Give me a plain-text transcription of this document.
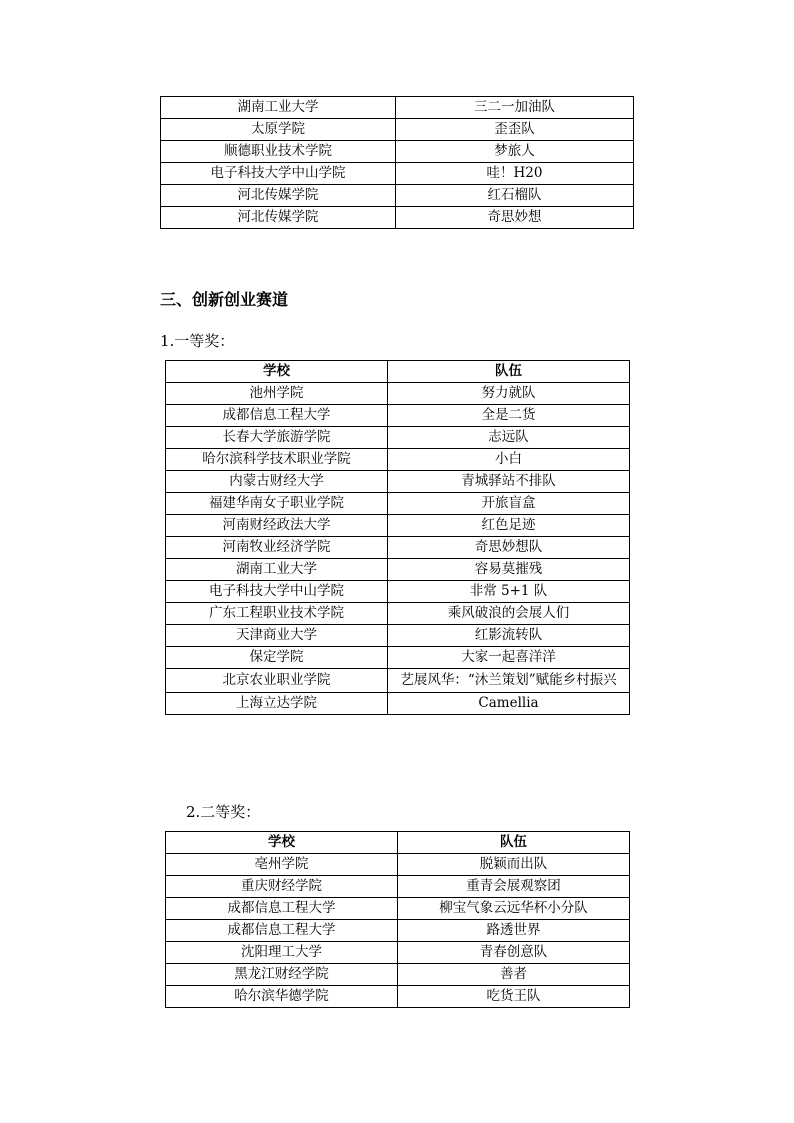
湖南工业大学	三二一加油队
太原学院	歪歪队
顺德职业技术学院	梦旅人
电子科技大学中山学院	哇！H20
河北传媒学院	红石榴队
河北传媒学院	奇思妙想
三、创新创业赛道
1.一等奖：
学校	队伍
池州学院	努力就队
成都信息工程大学	全是二货
长春大学旅游学院	志远队
哈尔滨科学技术职业学院	小白
内蒙古财经大学	青城驿站不排队
福建华南女子职业学院	开旅盲盒
河南财经政法大学	红色足迹
河南牧业经济学院	奇思妙想队
湖南工业大学	容易莫摧残
电子科技大学中山学院	非常 5+1 队
广东工程职业技术学院	乘风破浪的会展人们
天津商业大学	红影流转队
保定学院	大家一起喜洋洋
北京农业职业学院	艺展风华：“沐兰策划”赋能乡村振兴
上海立达学院	Camellia
2.二等奖：
学校	队伍
亳州学院	脱颖而出队
重庆财经学院	重青会展观察团
成都信息工程大学	柳宝气象云远华杯小分队
成都信息工程大学	路透世界
沈阳理工大学	青春创意队
黑龙江财经学院	善者
哈尔滨华德学院	吃货王队
